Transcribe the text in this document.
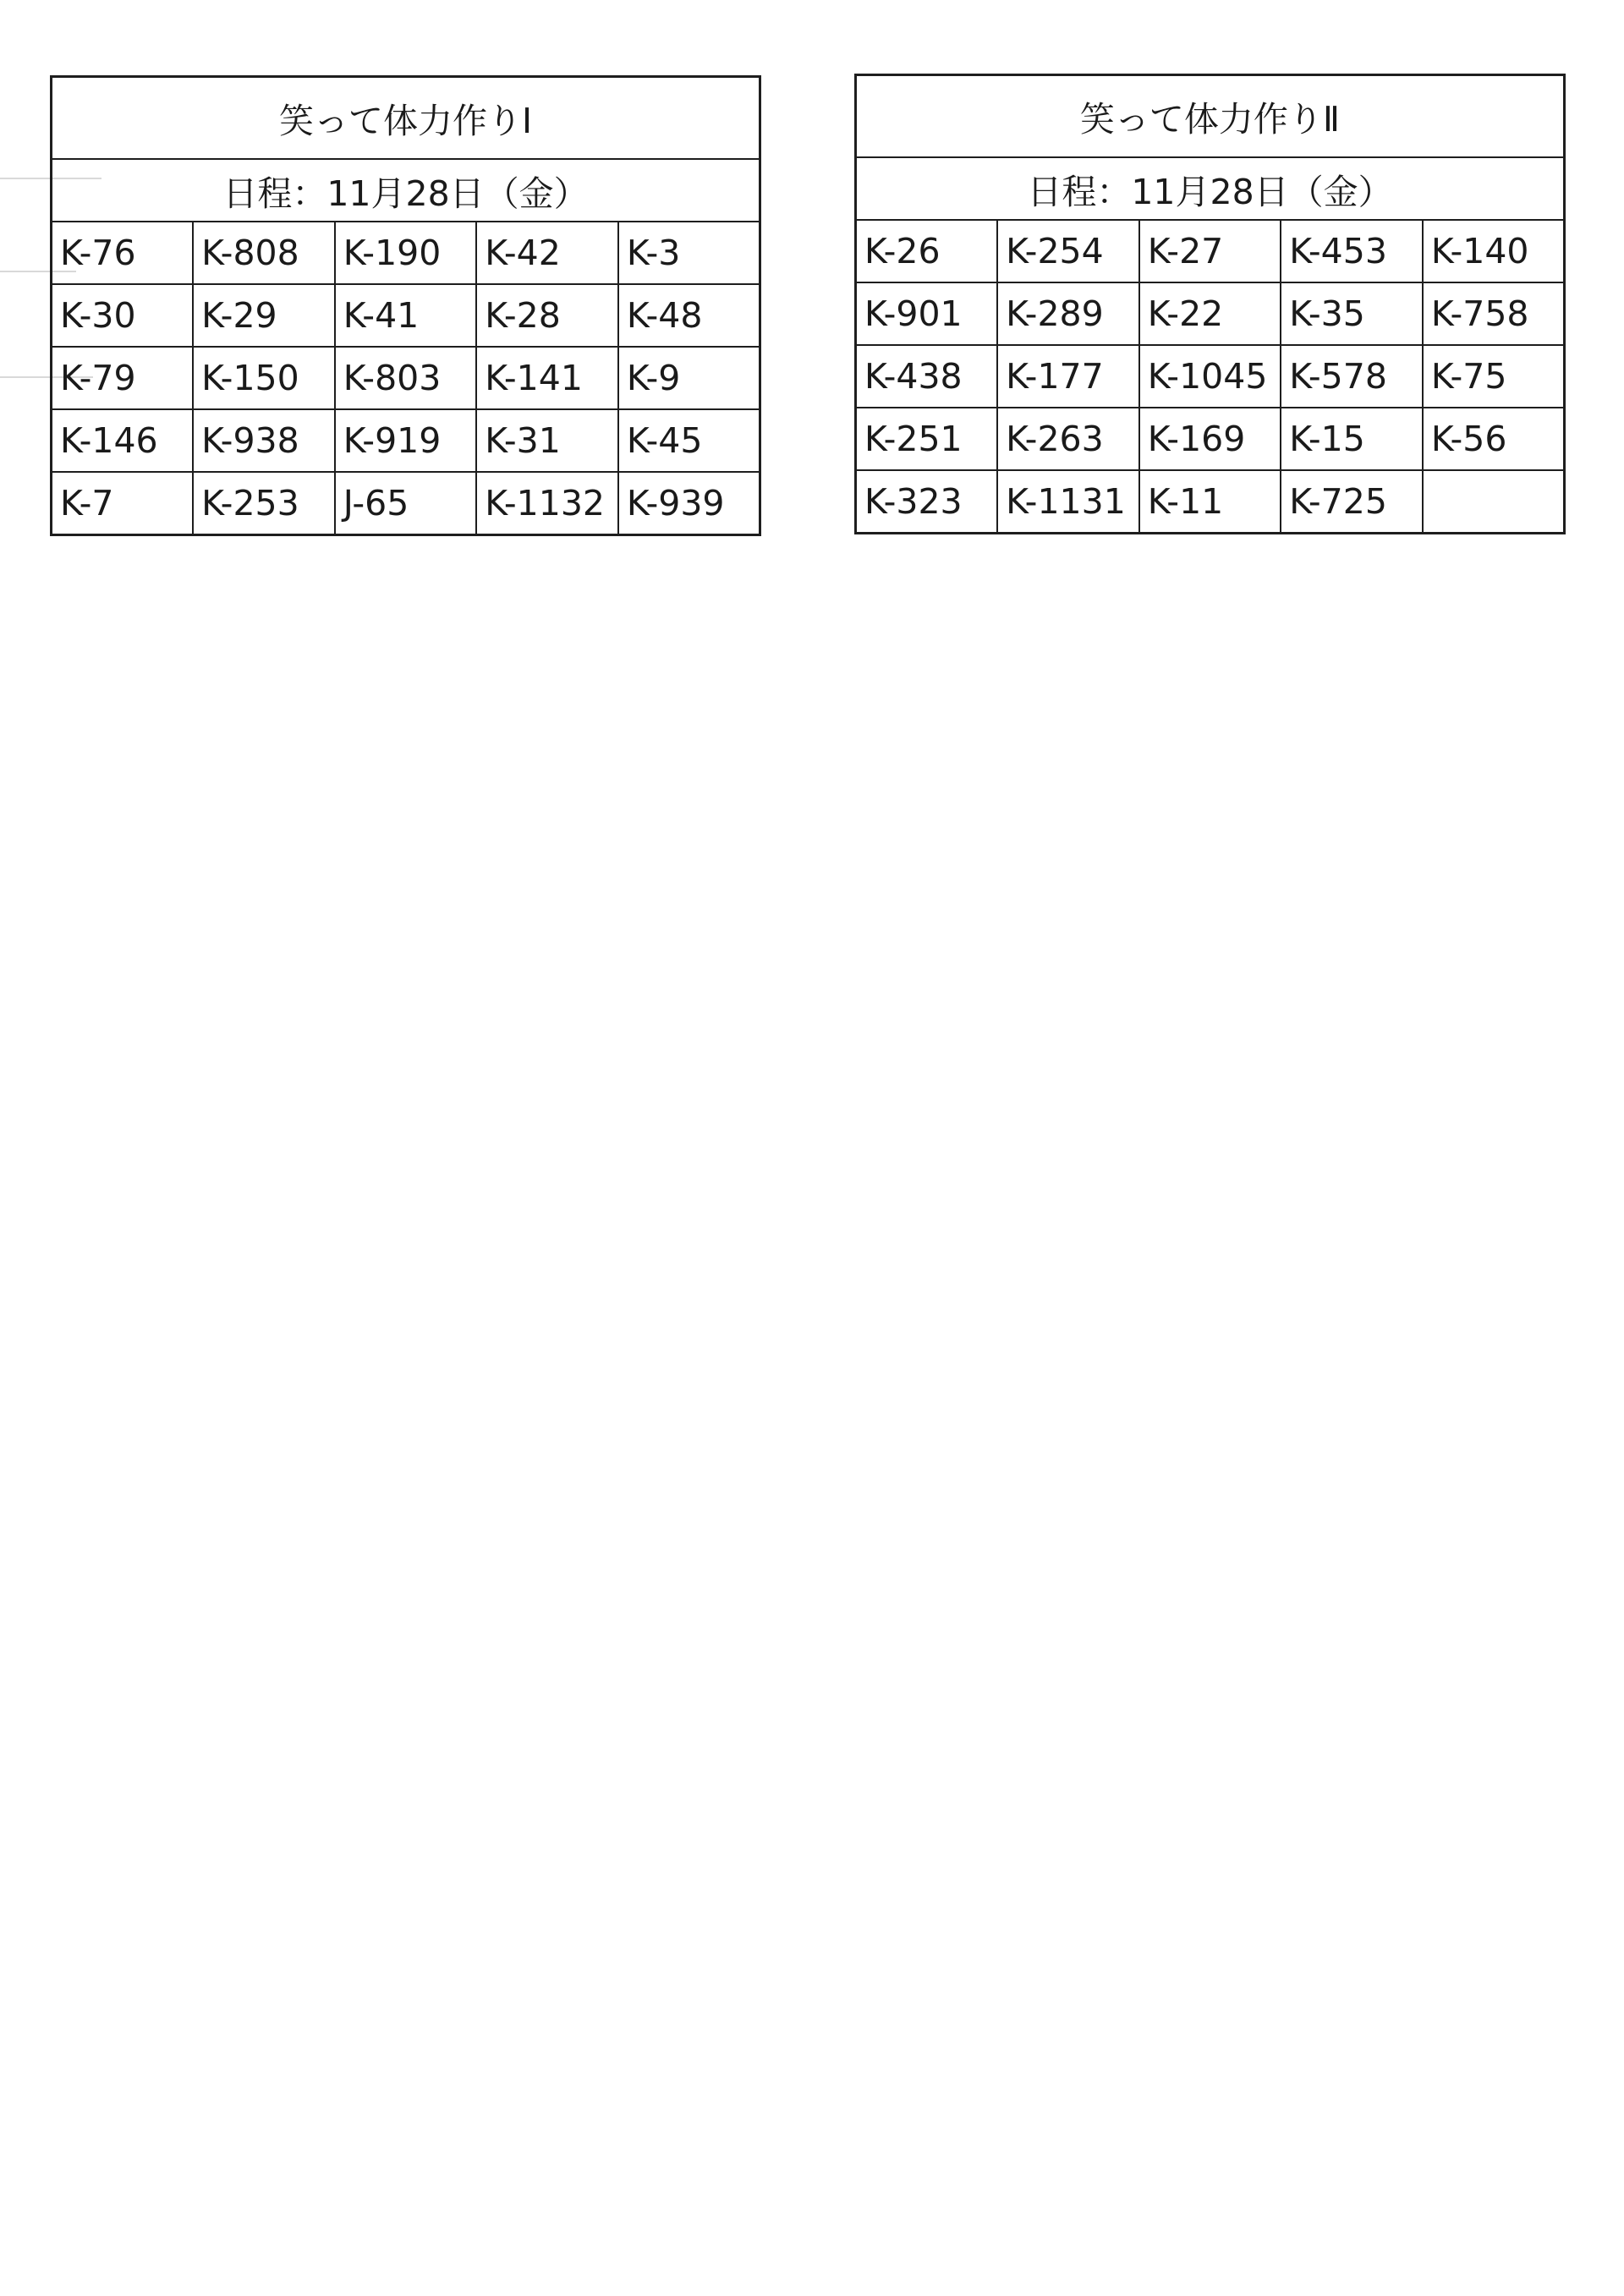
笑って体力作りⅠ				
日程：11月28日（金）				
K-76	K-808	K-190	K-42	K-3
K-30	K-29	K-41	K-28	K-48
K-79	K-150	K-803	K-141	K-9
K-146	K-938	K-919	K-31	K-45
K-7	K-253	J-65	K-1132	K-939
笑って体力作りⅡ				
日程：11月28日（金）				
K-26	K-254	K-27	K-453	K-140
K-901	K-289	K-22	K-35	K-758
K-438	K-177	K-1045	K-578	K-75
K-251	K-263	K-169	K-15	K-56
K-323	K-1131	K-11	K-725	
